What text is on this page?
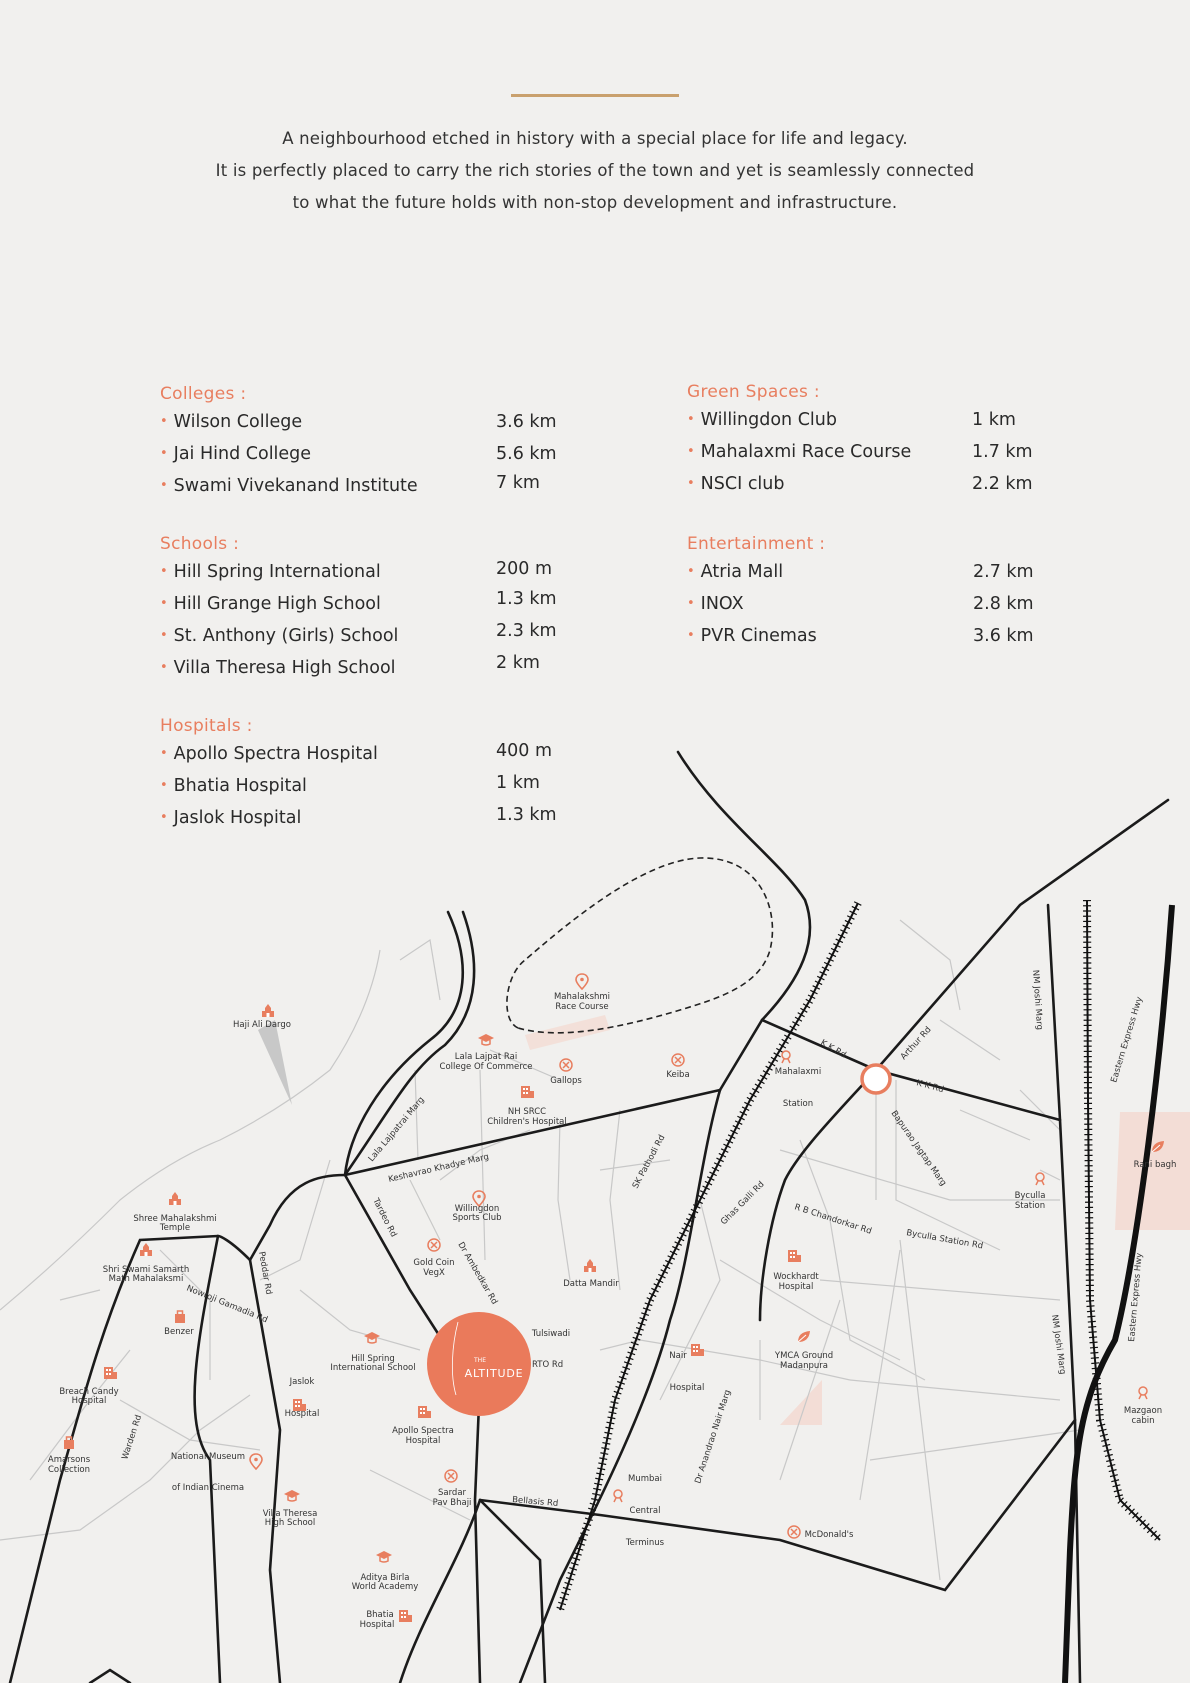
A neighbourhood etched in history with a special place for life and legacy.
It is perfectly placed to carry the rich stories of the town and yet is seamlessly connected
to what the future holds with non-stop development and infrastructure.
Colleges :
• Wilson College	3.6 km
• Jai Hind College	5.6 km
• Swami Vivekanand Institute	7 km
Schools :
• Hill Spring International	200 m
• Hill Grange High School	1.3 km
• St. Anthony (Girls) School	2.3 km
• Villa Theresa High School	2 km
Hospitals :
• Apollo Spectra Hospital	400 m
• Bhatia Hospital	1 km
• Jaslok Hospital	1.3 km
Green Spaces :
• Willingdon Club	1 km
• Mahalaxmi Race Course	1.7 km
• NSCI club	2.2 km
Entertainment :
• Atria Mall	2.7 km
• INOX	2.8 km
• PVR Cinemas	3.6 km
THE
ALTITUDE
Haji Ali Dargo
Mahalakshmi
Race Course
Lala Lajpat Rai
College Of Commerce
Gallops
Keiba	Mahalaxmi
Station
NH SRCC
Children's Hospital
Rani bagh
Shree Mahalakshmi
Temple
Willingdon
Sports Club
Byculla
Station
Shri Swami Samarth
Math Mahalaksmi
Gold Coin
VegX
Datta Mandir
Wockhardt
Hospital
Benzer	Tulsiwadi
Hill Spring
International School
Breach Candy
Hospital
Jaslok
Hospital
Nair
Hospital
YMCA Ground
Madanpura
Mazgaon
cabin
Apollo Spectra
Hospital
Amarsons
Collection
National Museum
of Indian Cinema	Sardar
Pav Bhaji
Mumbai
Central
Terminus
Villa Theresa
High School
McDonald's
Aditya Birla
World Academy
Bhatia
Hospital
Lala Lajpatrai Marg
Keshavrao Khadye Marg
Tardeo Rd
Dr Ambedkar Rd
Peddar Rd
Nowroji Gamadia Rd
Warden Rd
SK Pathodi Rd
Ghas Galli Rd
RTO Rd
Bellasis Rd
Dr Anandrao Nair Marg
K K Rd
K K Rd
Arthur Rd
Bapurao Jagtap Marg
R B Chandorkar Rd
Byculla Station Rd
NM Joshi Marg
NM Joshi Marg
Eastern Express Hwy
Eastern Express Hwy
